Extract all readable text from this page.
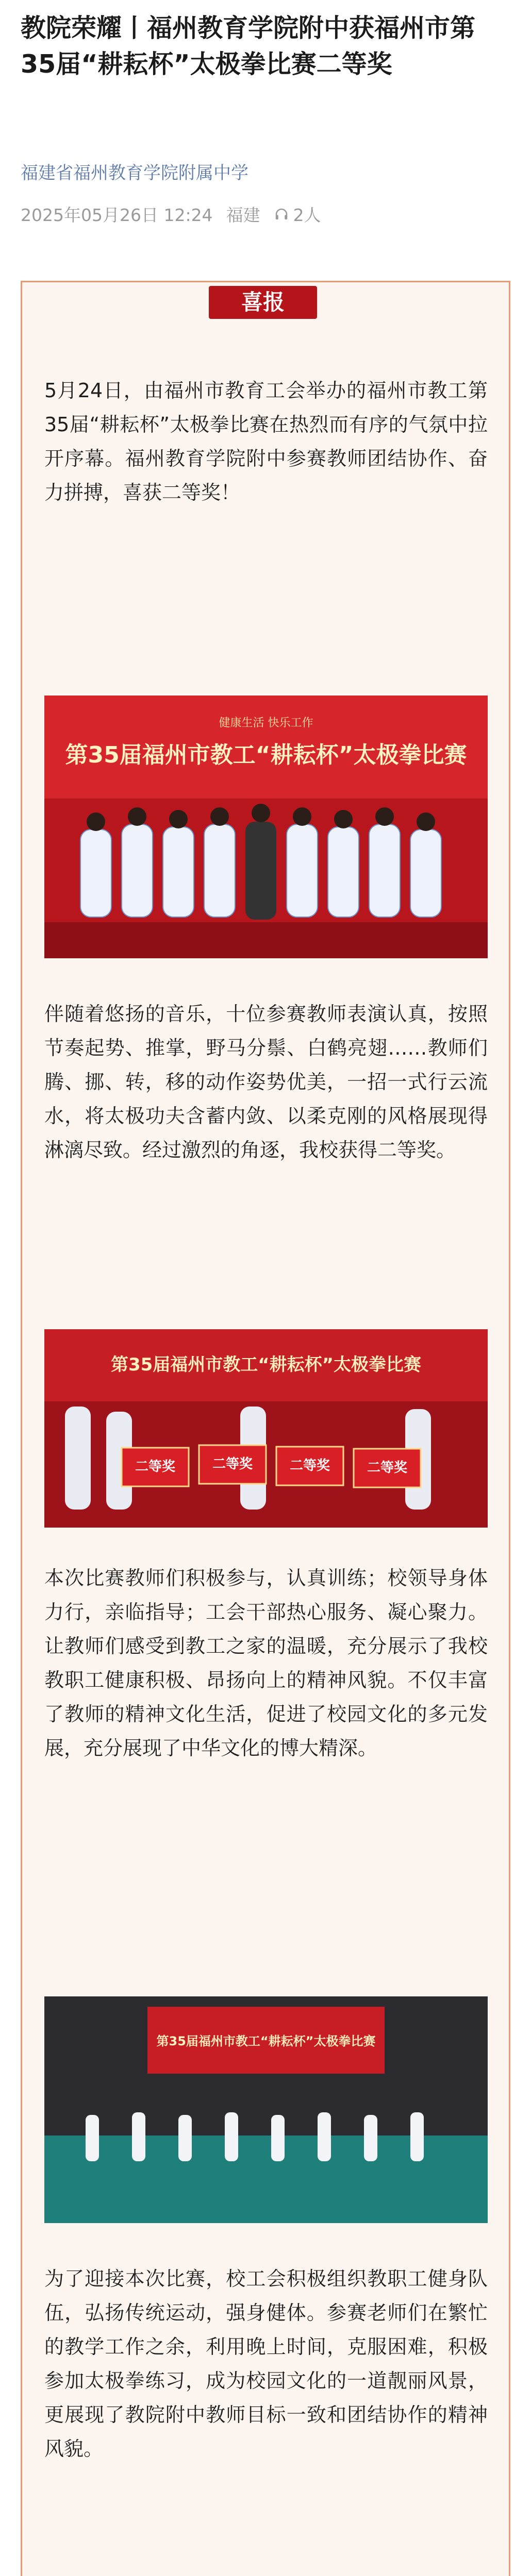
教院荣耀丨福州教育学院附中获福州市第35届“耕耘杯”太极拳比赛二等奖
福建省福州教育学院附属中学
2025年05月26日 12:24 福建 2人
喜报

5月24日，由福州市教育工会举办的福州市教工第35届“耕耘杯”太极拳比赛在热烈而有序的气氛中拉开序幕。福州教育学院附中参赛教师团结协作、奋力拼搏，喜获二等奖！

健康生活 快乐工作
第35届福州市教工“耕耘杯”太极拳比赛

伴随着悠扬的音乐，十位参赛教师表演认真，按照节奏起势、推掌，野马分鬃、白鹤亮翅……教师们腾、挪、转，移的动作姿势优美，一招一式行云流水，将太极功夫含蓄内敛、以柔克刚的风格展现得淋漓尽致。经过激烈的角逐，我校获得二等奖。

第35届福州市教工“耕耘杯”太极拳比赛
二等奖	二等奖	二等奖	二等奖

本次比赛教师们积极参与，认真训练；校领导身体力行，亲临指导；工会干部热心服务、凝心聚力。让教师们感受到教工之家的温暖，充分展示了我校教职工健康积极、昂扬向上的精神风貌。不仅丰富了教师的精神文化生活，促进了校园文化的多元发展，充分展现了中华文化的博大精深。

第35届福州市教工“耕耘杯”太极拳比赛

为了迎接本次比赛，校工会积极组织教职工健身队伍，弘扬传统运动，强身健体。参赛老师们在繁忙的教学工作之余，利用晚上时间，克服困难，积极参加太极拳练习，成为校园文化的一道靓丽风景，更展现了教院附中教师目标一致和团结协作的精神风貌。
